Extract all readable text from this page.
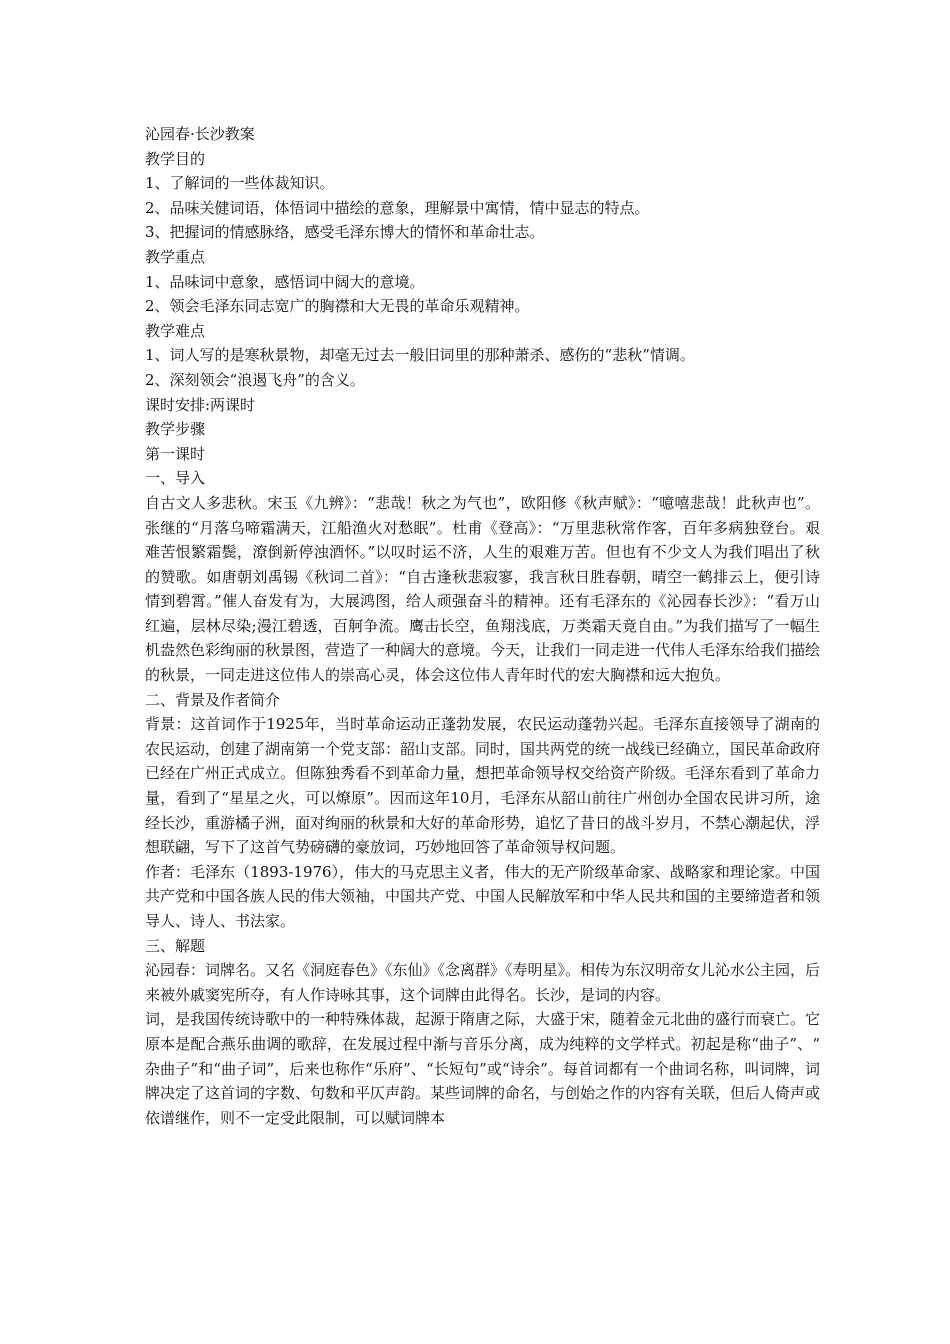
沁园春·长沙教案
教学目的
1、了解词的一些体裁知识。
2、品味关健词语，体悟词中描绘的意象，理解景中寓情，情中显志的特点。
3、把握词的情感脉络，感受毛泽东博大的情怀和革命壮志。
教学重点
1、品味词中意象，感悟词中阔大的意境。
2、领会毛泽东同志宽广的胸襟和大无畏的革命乐观精神。
教学难点
1、词人写的是寒秋景物，却毫无过去一般旧词里的那种萧杀、感伤的“悲秋”情调。
2、深刻领会“浪遏飞舟”的含义。
课时安排:两课时
教学步骤
第一课时
一、导入
自古文人多悲秋。宋玉《九辨》：“悲哉！秋之为气也”，欧阳修《秋声赋》：“噫嘻悲哉！此秋声也”。张继的“月落乌啼霜满天，江船渔火对愁眠”。杜甫《登高》：“万里悲秋常作客，百年多病独登台。艰难苦恨繁霜鬓，潦倒新停浊酒怀。”以叹时运不济，人生的艰难万苦。但也有不少文人为我们唱出了秋的赞歌。如唐朝刘禹锡《秋词二首》：“自古逢秋悲寂寥，我言秋日胜春朝，晴空一鹤排云上，便引诗情到碧霄。”催人奋发有为，大展鸿图，给人顽强奋斗的精神。还有毛泽东的《沁园春长沙》：“看万山红遍，层林尽染;漫江碧透，百舸争流。鹰击长空，鱼翔浅底，万类霜天竟自由。”为我们描写了一幅生机盎然色彩绚丽的秋景图，营造了一种阔大的意境。今天，让我们一同走进一代伟人毛泽东给我们描绘的秋景，一同走进这位伟人的崇高心灵，体会这位伟人青年时代的宏大胸襟和远大抱负。
二、背景及作者简介
背景：这首词作于1925年，当时革命运动正蓬勃发展，农民运动蓬勃兴起。毛泽东直接领导了湖南的农民运动，创建了湖南第一个党支部：韶山支部。同时，国共两党的统一战线已经确立，国民革命政府已经在广州正式成立。但陈独秀看不到革命力量，想把革命领导权交给资产阶级。毛泽东看到了革命力量，看到了“星星之火，可以燎原”。因而这年10月，毛泽东从韶山前往广州创办全国农民讲习所，途经长沙，重游橘子洲，面对绚丽的秋景和大好的革命形势，追忆了昔日的战斗岁月，不禁心潮起伏，浮想联翩，写下了这首气势磅礴的豪放词，巧妙地回答了革命领导权问题。
作者：毛泽东（1893-1976），伟大的马克思主义者，伟大的无产阶级革命家、战略家和理论家。中国共产党和中国各族人民的伟大领袖，中国共产党、中国人民解放军和中华人民共和国的主要缔造者和领导人、诗人、书法家。
三、解题
沁园春：词牌名。又名《洞庭春色》《东仙》《念离群》《寿明星》。相传为东汉明帝女儿沁水公主园，后来被外戚窦宪所夺，有人作诗咏其事，这个词牌由此得名。长沙，是词的内容。
词，是我国传统诗歌中的一种特殊体裁，起源于隋唐之际，大盛于宋，随着金元北曲的盛行而衰亡。它原本是配合燕乐曲调的歌辞，在发展过程中渐与音乐分离，成为纯粹的文学样式。初起是称“曲子”、“杂曲子”和“曲子词”，后来也称作“乐府”、“长短句”或“诗余”。每首词都有一个曲词名称，叫词牌，词牌决定了这首词的字数、句数和平仄声韵。某些词牌的命名，与创始之作的内容有关联，但后人倚声或依谱继作，则不一定受此限制，可以赋词牌本
